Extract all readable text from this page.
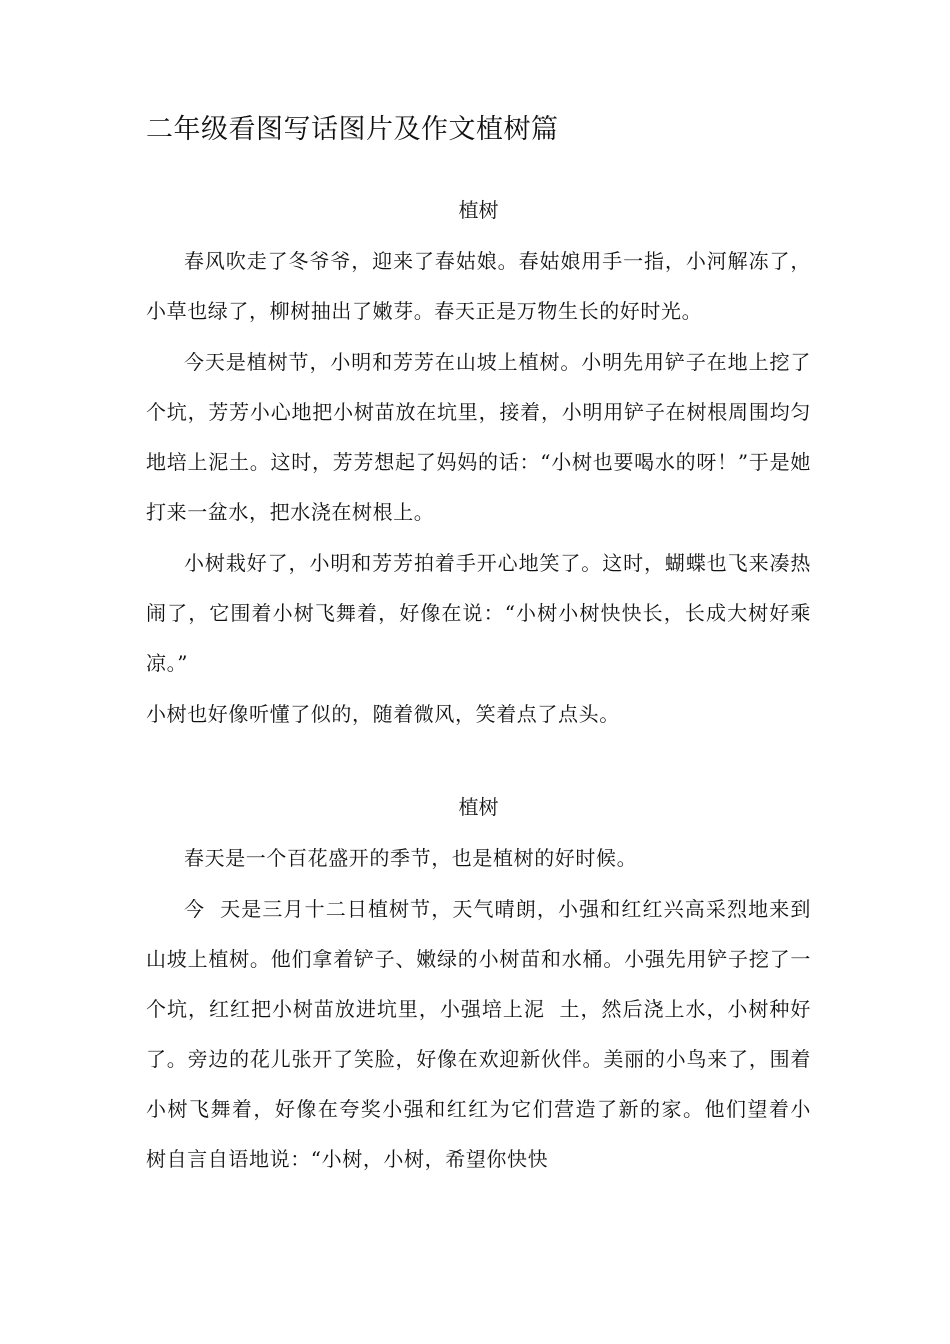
二年级看图写话图片及作文植树篇
植树

春风吹走了冬爷爷，迎来了春姑娘。春姑娘用手一指，小河解冻了，小草也绿了，柳树抽出了嫩芽。春天正是万物生长的好时光。

今天是植树节，小明和芳芳在山坡上植树。小明先用铲子在地上挖了个坑，芳芳小心地把小树苗放在坑里，接着，小明用铲子在树根周围均匀地培上泥土。这时，芳芳想起了妈妈的话：“小树也要喝水的呀！”于是她打来一盆水，把水浇在树根上。

小树栽好了，小明和芳芳拍着手开心地笑了。这时，蝴蝶也飞来凑热闹了，它围着小树飞舞着，好像在说：“小树小树快快长，长成大树好乘凉。”

小树也好像听懂了似的，随着微风，笑着点了点头。

植树

春天是一个百花盛开的季节，也是植树的好时候。

今  天是三月十二日植树节，天气晴朗，小强和红红兴高采烈地来到山坡上植树。他们拿着铲子、嫩绿的小树苗和水桶。小强先用铲子挖了一个坑，红红把小树苗放进坑里，小强培上泥  土，然后浇上水，小树种好了。旁边的花儿张开了笑脸，好像在欢迎新伙伴。美丽的小鸟来了，围着小树飞舞着，好像在夸奖小强和红红为它们营造了新的家。他们望着小  树自言自语地说：“小树，小树，希望你快快
